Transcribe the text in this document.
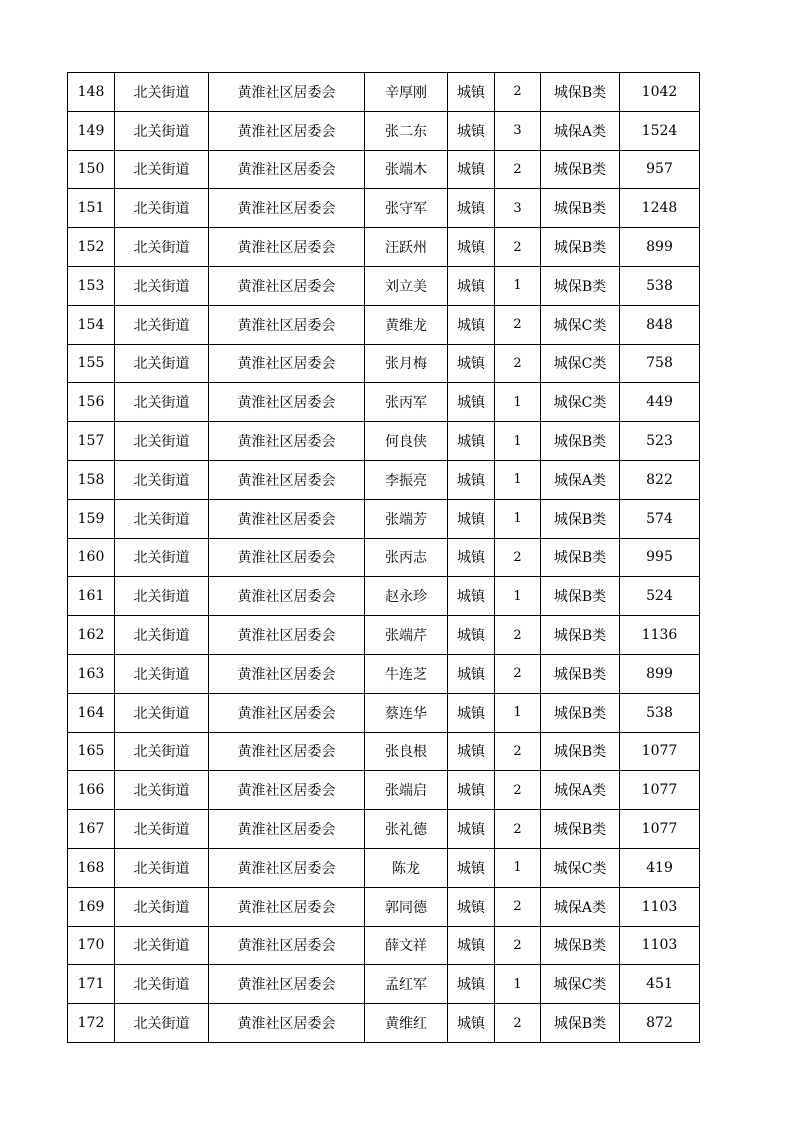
148	北关街道	黄淮社区居委会	辛厚刚	城镇	2	城保B类	1042
149	北关街道	黄淮社区居委会	张二东	城镇	3	城保A类	1524
150	北关街道	黄淮社区居委会	张端木	城镇	2	城保B类	957
151	北关街道	黄淮社区居委会	张守军	城镇	3	城保B类	1248
152	北关街道	黄淮社区居委会	汪跃州	城镇	2	城保B类	899
153	北关街道	黄淮社区居委会	刘立美	城镇	1	城保B类	538
154	北关街道	黄淮社区居委会	黄维龙	城镇	2	城保C类	848
155	北关街道	黄淮社区居委会	张月梅	城镇	2	城保C类	758
156	北关街道	黄淮社区居委会	张丙军	城镇	1	城保C类	449
157	北关街道	黄淮社区居委会	何良侠	城镇	1	城保B类	523
158	北关街道	黄淮社区居委会	李振亮	城镇	1	城保A类	822
159	北关街道	黄淮社区居委会	张端芳	城镇	1	城保B类	574
160	北关街道	黄淮社区居委会	张丙志	城镇	2	城保B类	995
161	北关街道	黄淮社区居委会	赵永珍	城镇	1	城保B类	524
162	北关街道	黄淮社区居委会	张端芹	城镇	2	城保B类	1136
163	北关街道	黄淮社区居委会	牛连芝	城镇	2	城保B类	899
164	北关街道	黄淮社区居委会	蔡连华	城镇	1	城保B类	538
165	北关街道	黄淮社区居委会	张良根	城镇	2	城保B类	1077
166	北关街道	黄淮社区居委会	张端启	城镇	2	城保A类	1077
167	北关街道	黄淮社区居委会	张礼德	城镇	2	城保B类	1077
168	北关街道	黄淮社区居委会	陈龙	城镇	1	城保C类	419
169	北关街道	黄淮社区居委会	郭同德	城镇	2	城保A类	1103
170	北关街道	黄淮社区居委会	薛文祥	城镇	2	城保B类	1103
171	北关街道	黄淮社区居委会	孟红军	城镇	1	城保C类	451
172	北关街道	黄淮社区居委会	黄维红	城镇	2	城保B类	872
